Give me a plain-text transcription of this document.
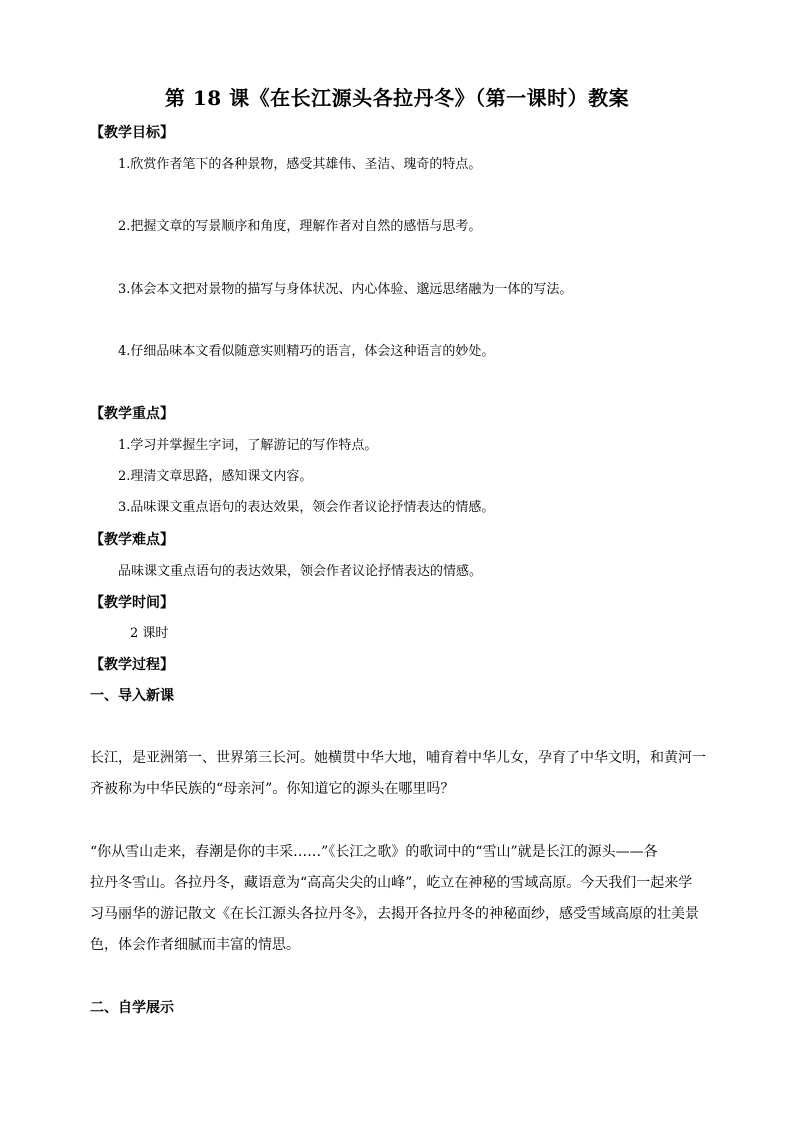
第 18 课《在长江源头各拉丹冬》（第一课时）教案
【教学目标】
1.欣赏作者笔下的各种景物，感受其雄伟、圣洁、瑰奇的特点。
2.把握文章的写景顺序和角度，理解作者对自然的感悟与思考。
3.体会本文把对景物的描写与身体状况、内心体验、邈远思绪融为一体的写法。
4.仔细品味本文看似随意实则精巧的语言，体会这种语言的妙处。
【教学重点】
1.学习并掌握生字词，了解游记的写作特点。
2.理清文章思路，感知课文内容。
3.品味课文重点语句的表达效果，领会作者议论抒情表达的情感。
【教学难点】
品味课文重点语句的表达效果，领会作者议论抒情表达的情感。
【教学时间】
2 课时
【教学过程】
一、导入新课
长江，是亚洲第一、世界第三长河。她横贯中华大地，哺育着中华儿女，孕育了中华文明，和黄河一
齐被称为中华民族的“母亲河”。你知道它的源头在哪里吗？
“你从雪山走来，春潮是你的丰采……”《长江之歌》的歌词中的“雪山”就是长江的源头——各
拉丹冬雪山。各拉丹冬，藏语意为“高高尖尖的山峰”，屹立在神秘的雪域高原。今天我们一起来学
习马丽华的游记散文《在长江源头各拉丹冬》，去揭开各拉丹冬的神秘面纱，感受雪域高原的壮美景
色，体会作者细腻而丰富的情思。
二、自学展示
